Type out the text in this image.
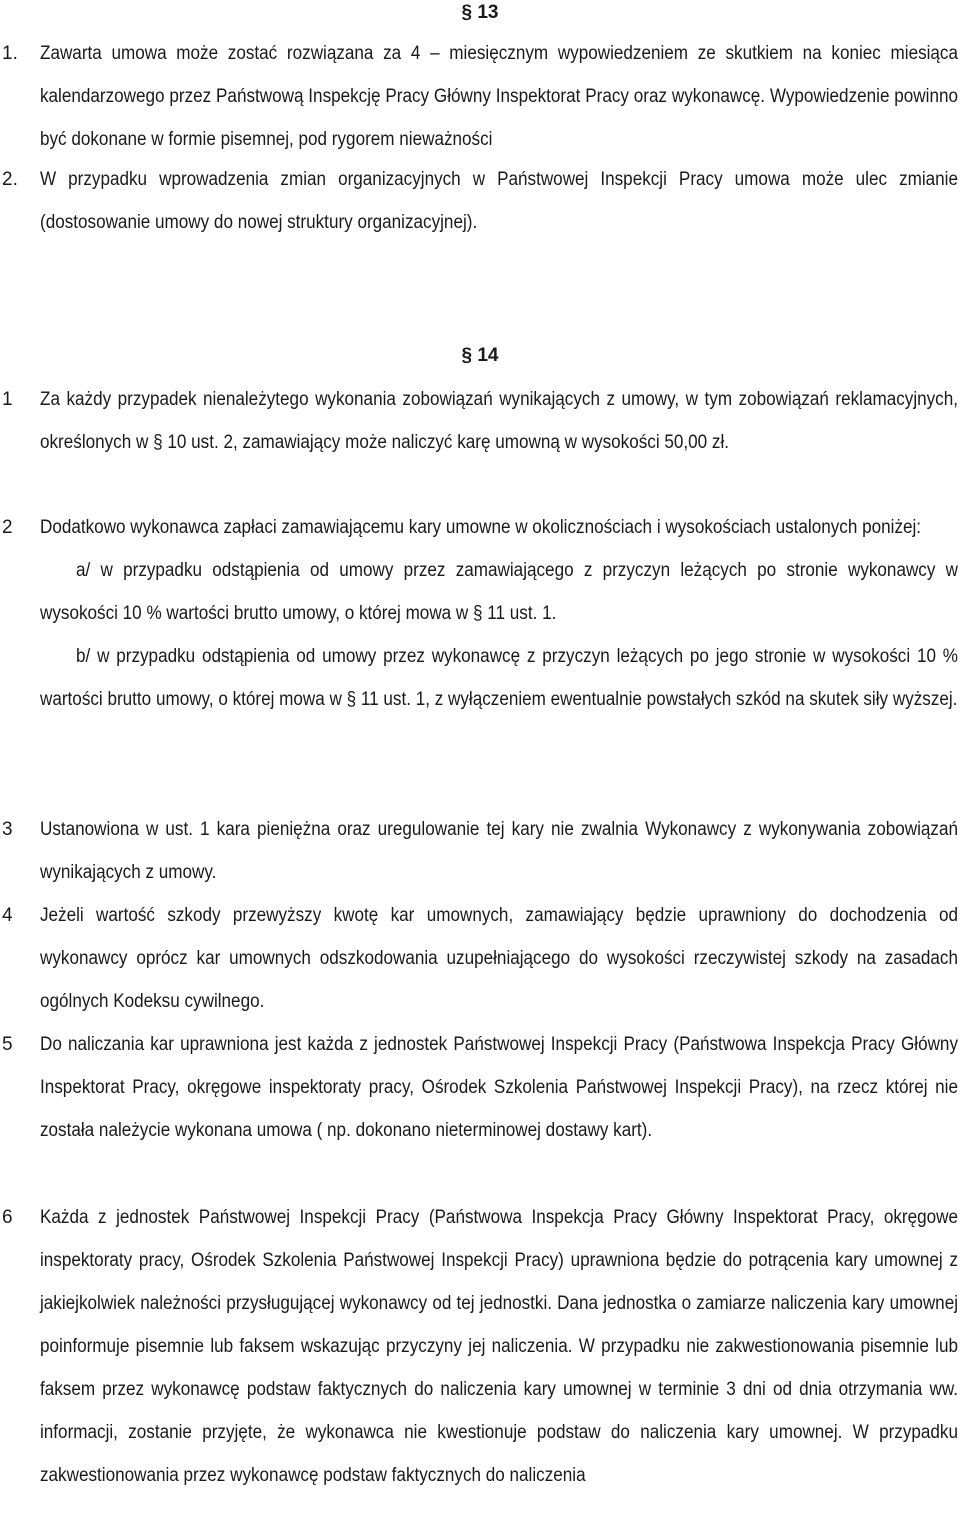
§ 13
1. Zawarta umowa może zostać rozwiązana za 4 – miesięcznym wypowiedzeniem ze skutkiem na koniec miesiąca kalendarzowego przez Państwową Inspekcję Pracy Główny Inspektorat Pracy oraz wykonawcę. Wypowiedzenie powinno być dokonane w formie pisemnej, pod rygorem nieważności
2. W przypadku wprowadzenia zmian organizacyjnych w Państwowej Inspekcji Pracy umowa może ulec zmianie (dostosowanie umowy do nowej struktury organizacyjnej).
§ 14
1 Za każdy przypadek nienależytego wykonania zobowiązań wynikających z umowy, w tym zobowiązań reklamacyjnych, określonych w § 10 ust. 2, zamawiający może naliczyć karę umowną w wysokości 50,00 zł.
2 Dodatkowo wykonawca zapłaci zamawiającemu kary umowne w okolicznościach i wysokościach ustalonych poniżej:
a/ w przypadku odstąpienia od umowy przez zamawiającego z przyczyn leżących po stronie wykonawcy w wysokości 10 % wartości brutto umowy, o której mowa w § 11 ust. 1.
b/ w przypadku odstąpienia od umowy przez wykonawcę z przyczyn leżących po jego stronie w wysokości 10 % wartości brutto umowy, o której mowa w § 11 ust. 1, z wyłączeniem ewentualnie powstałych szkód na skutek siły wyższej.
3 Ustanowiona w ust. 1 kara pieniężna oraz uregulowanie tej kary nie zwalnia Wykonawcy z wykonywania zobowiązań wynikających z umowy.
4 Jeżeli wartość szkody przewyższy kwotę kar umownych, zamawiający będzie uprawniony do dochodzenia od wykonawcy oprócz kar umownych odszkodowania uzupełniającego do wysokości rzeczywistej szkody na zasadach ogólnych Kodeksu cywilnego.
5 Do naliczania kar uprawniona jest każda z jednostek Państwowej Inspekcji Pracy (Państwowa Inspekcja Pracy Główny Inspektorat Pracy, okręgowe inspektoraty pracy, Ośrodek Szkolenia Państwowej Inspekcji Pracy), na rzecz której nie została należycie wykonana umowa ( np. dokonano nieterminowej dostawy kart).
6 Każda z jednostek Państwowej Inspekcji Pracy (Państwowa Inspekcja Pracy Główny Inspektorat Pracy, okręgowe inspektoraty pracy, Ośrodek Szkolenia Państwowej Inspekcji Pracy) uprawniona będzie do potrącenia kary umownej z jakiejkolwiek należności przysługującej wykonawcy od tej jednostki. Dana jednostka o zamiarze naliczenia kary umownej poinformuje pisemnie lub faksem wskazując przyczyny jej naliczenia. W przypadku nie zakwestionowania pisemnie lub faksem przez wykonawcę podstaw faktycznych do naliczenia kary umownej w terminie 3 dni od dnia otrzymania ww. informacji, zostanie przyjęte, że wykonawca nie kwestionuje podstaw do naliczenia kary umownej. W przypadku zakwestionowania przez wykonawcę podstaw faktycznych do naliczenia
